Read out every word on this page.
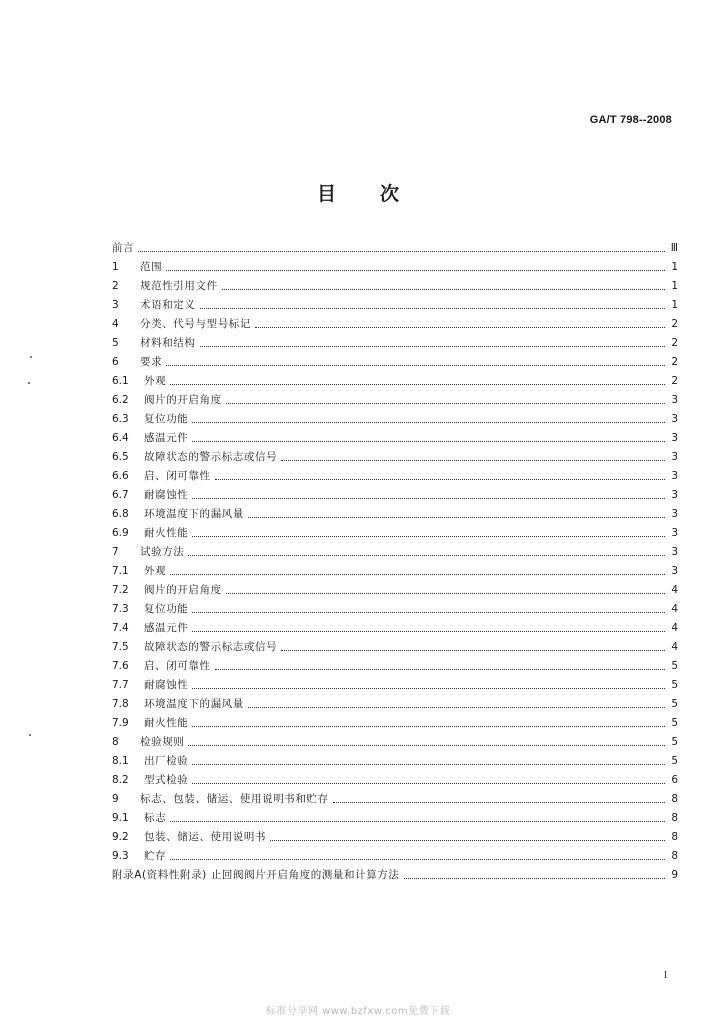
GA/T 798--2008
目次
前言	Ⅲ
1	范围	1
2	规范性引用文件	1
3	术语和定义	1
4	分类、代号与型号标记	2
5	材料和结构	2
6	要求	2
6.1	外观	2
6.2	阀片的开启角度	3
6.3	复位功能	3
6.4	感温元件	3
6.5	故障状态的警示标志或信号	3
6.6	启、闭可靠性	3
6.7	耐腐蚀性	3
6.8	环境温度下的漏风量	3
6.9	耐火性能	3
7	试验方法	3
7.1	外观	3
7.2	阀片的开启角度	4
7.3	复位功能	4
7.4	感温元件	4
7.5	故障状态的警示标志或信号	4
7.6	启、闭可靠性	5
7.7	耐腐蚀性	5
7.8	环境温度下的漏风量	5
7.9	耐火性能	5
8	检验规则	5
8.1	出厂检验	5
8.2	型式检验	6
9	标志、包装、储运、使用说明书和贮存	8
9.1	标志	8
9.2	包装、储运、使用说明书	8
9.3	贮存	8
附录A(资料性附录) 止回阀阀片开启角度的测量和计算方法	9
1
标准分享网 www.bzfxw.com免费下载
